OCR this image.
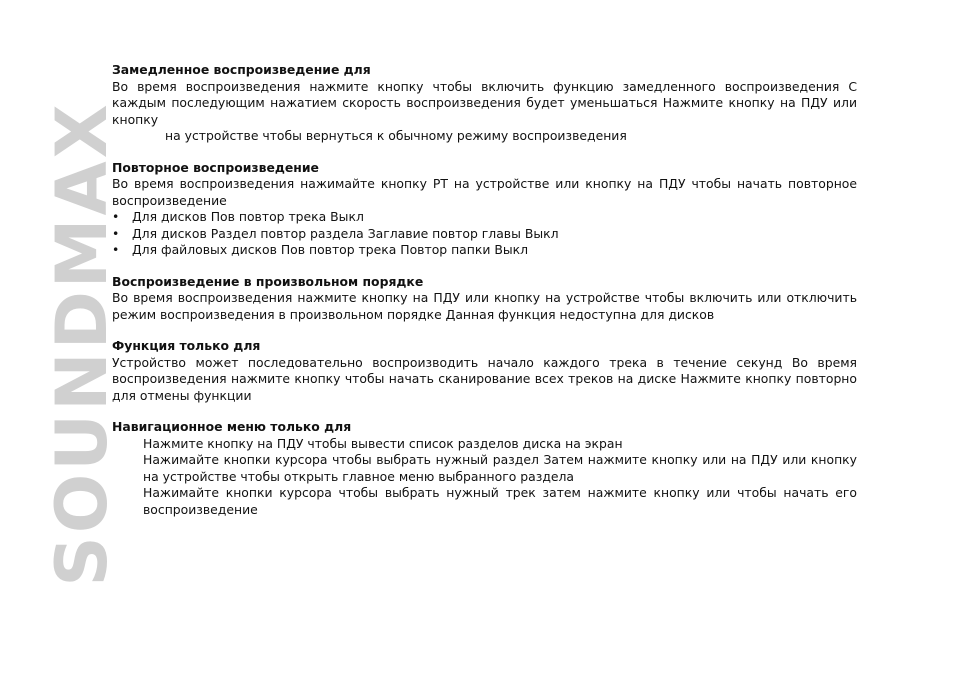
SOUNDMAX
Замедленное воспроизведение для
Во время воспроизведения нажмите кнопку чтобы включить функцию замедленного воспроизведения С каждым последующим нажатием скорость воспроизведения будет уменьшаться Нажмите кнопку на ПДУ или кнопку
на устройстве чтобы вернуться к обычному режиму воспроизведения
Повторное воспроизведение
Во время воспроизведения нажимайте кнопку PT на устройстве или кнопку на ПДУ чтобы начать повторное воспроизведение
• Для дисков Пов повтор трека Выкл
• Для дисков Раздел повтор раздела Заглавие повтор главы Выкл
• Для файловых дисков Пов повтор трека Повтор папки Выкл
Воспроизведение в произвольном порядке
Во время воспроизведения нажмите кнопку на ПДУ или кнопку на устройстве чтобы включить или отключить режим воспроизведения в произвольном порядке Данная функция недоступна для дисков
Функция только для
Устройство может последовательно воспроизводить начало каждого трека в течение секунд Во время воспроизведения нажмите кнопку чтобы начать сканирование всех треков на диске Нажмите кнопку повторно для отмены функции
Навигационное меню только для
Нажмите кнопку на ПДУ чтобы вывести список разделов диска на экран
Нажимайте кнопки курсора чтобы выбрать нужный раздел Затем нажмите кнопку или на ПДУ или кнопку на устройстве чтобы открыть главное меню выбранного раздела
Нажимайте кнопки курсора чтобы выбрать нужный трек затем нажмите кнопку или чтобы начать его воспроизведение
